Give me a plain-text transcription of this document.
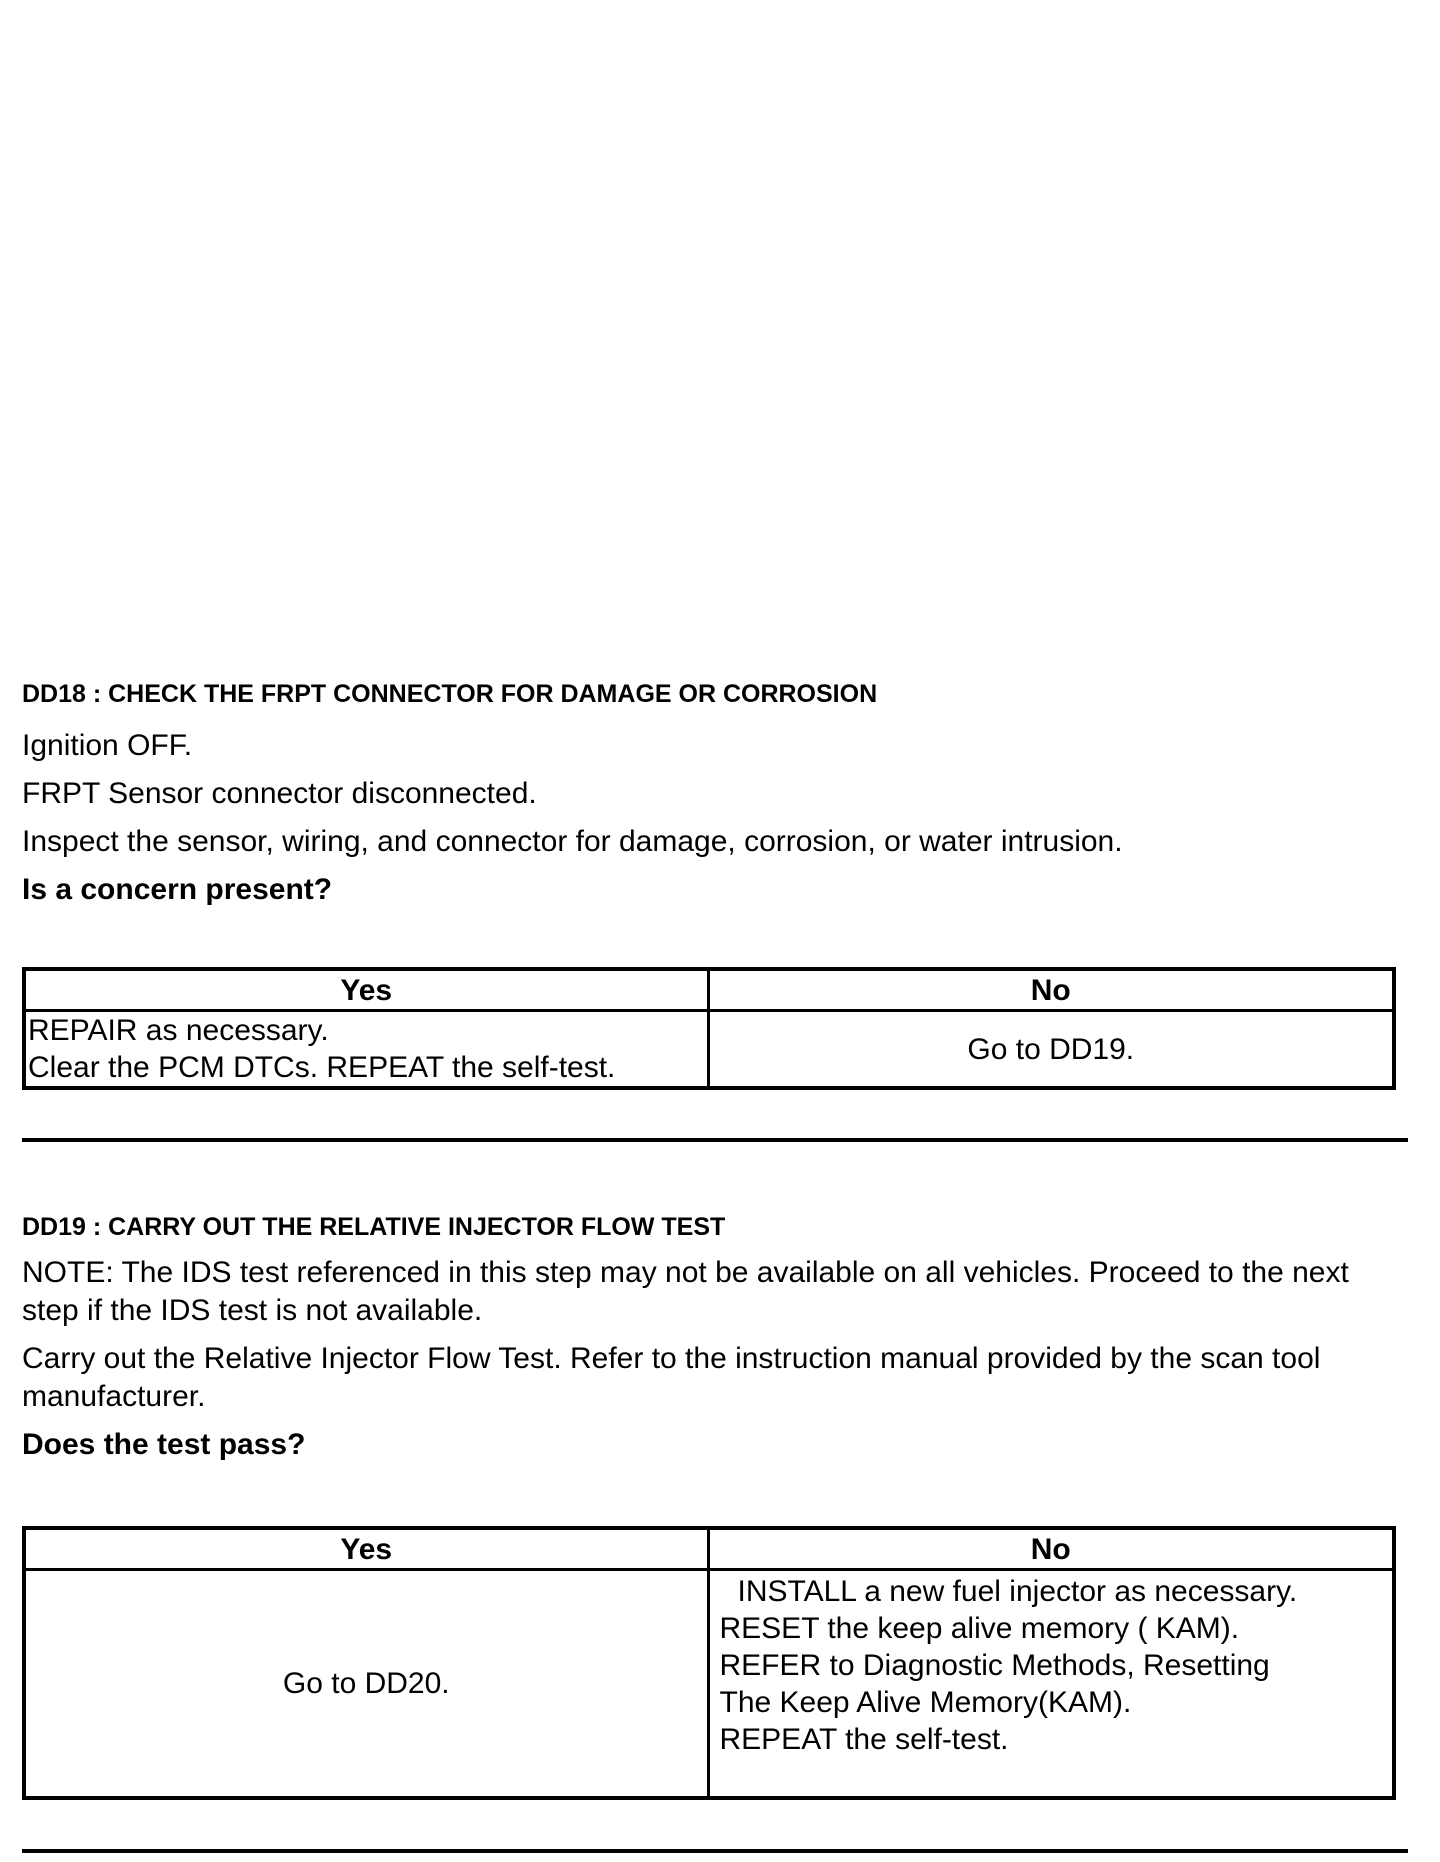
DD18 : CHECK THE FRPT CONNECTOR FOR DAMAGE OR CORROSION

Ignition OFF.

FRPT Sensor connector disconnected.

Inspect the sensor, wiring, and connector for damage, corrosion, or water intrusion.

Is a concern present?

Yes	No

REPAIR as necessary.
Clear the PCM DTCs. REPEAT the self-test.	Go to DD19.

DD19 : CARRY OUT THE RELATIVE INJECTOR FLOW TEST

NOTE: The IDS test referenced in this step may not be available on all vehicles. Proceed to the next step if the IDS test is not available.

Carry out the Relative Injector Flow Test. Refer to the instruction manual provided by the scan tool manufacturer.

Does the test pass?

Yes	No

Go to DD20.	INSTALL a new fuel injector as necessary.
RESET the keep alive memory ( KAM).
REFER to Diagnostic Methods, Resetting
The Keep Alive Memory(KAM).
REPEAT the self-test.
